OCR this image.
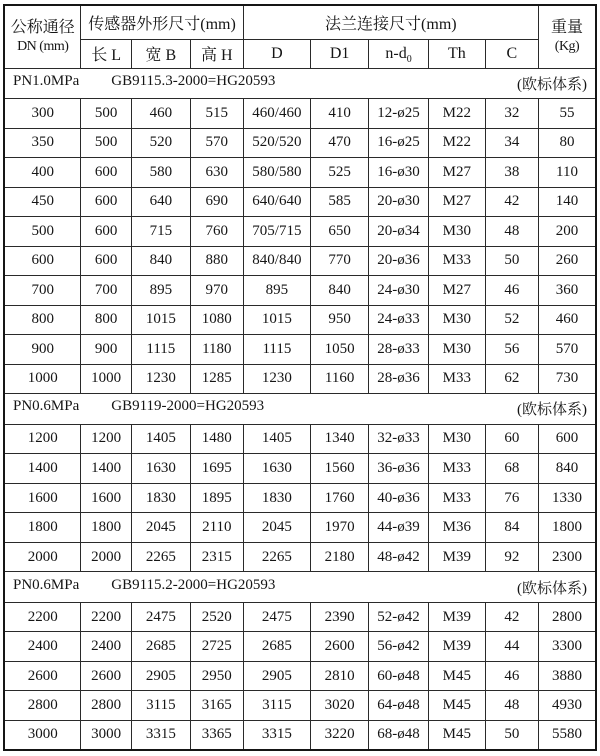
公称通径
DN (mm)	传感器外形尺寸(mm)			法兰连接尺寸(mm)					重量
(Kg)

	长 L	宽 B	高 H	D	D1	$n-d_0$	Th	C	

(欧标体系)
PN1.0MPa GB9115.3-2000=HG20593									
300	500	460	515	460/460	410	12-ø25	M22	32	55
350	500	520	570	520/520	470	16-ø25	M22	34	80
400	600	580	630	580/580	525	16-ø30	M27	38	110
450	600	640	690	640/640	585	20-ø30	M27	42	140
500	600	715	760	705/715	650	20-ø34	M30	48	200
600	600	840	880	840/840	770	20-ø36	M33	50	260
700	700	895	970	895	840	24-ø30	M27	46	360
800	800	1015	1080	1015	950	24-ø33	M30	52	460
900	900	1115	1180	1115	1050	28-ø33	M30	56	570
1000	1000	1230	1285	1230	1160	28-ø36	M33	62	730

(欧标体系)
PN0.6MPa GB9119-2000=HG20593									
1200	1200	1405	1480	1405	1340	32-ø33	M30	60	600
1400	1400	1630	1695	1630	1560	36-ø36	M33	68	840
1600	1600	1830	1895	1830	1760	40-ø36	M33	76	1330
1800	1800	2045	2110	2045	1970	44-ø39	M36	84	1800
2000	2000	2265	2315	2265	2180	48-ø42	M39	92	2300

(欧标体系)
PN0.6MPa GB9115.2-2000=HG20593									
2200	2200	2475	2520	2475	2390	52-ø42	M39	42	2800
2400	2400	2685	2725	2685	2600	56-ø42	M39	44	3300
2600	2600	2905	2950	2905	2810	60-ø48	M45	46	3880
2800	2800	3115	3165	3115	3020	64-ø48	M45	48	4930
3000	3000	3315	3365	3315	3220	68-ø48	M45	50	5580
